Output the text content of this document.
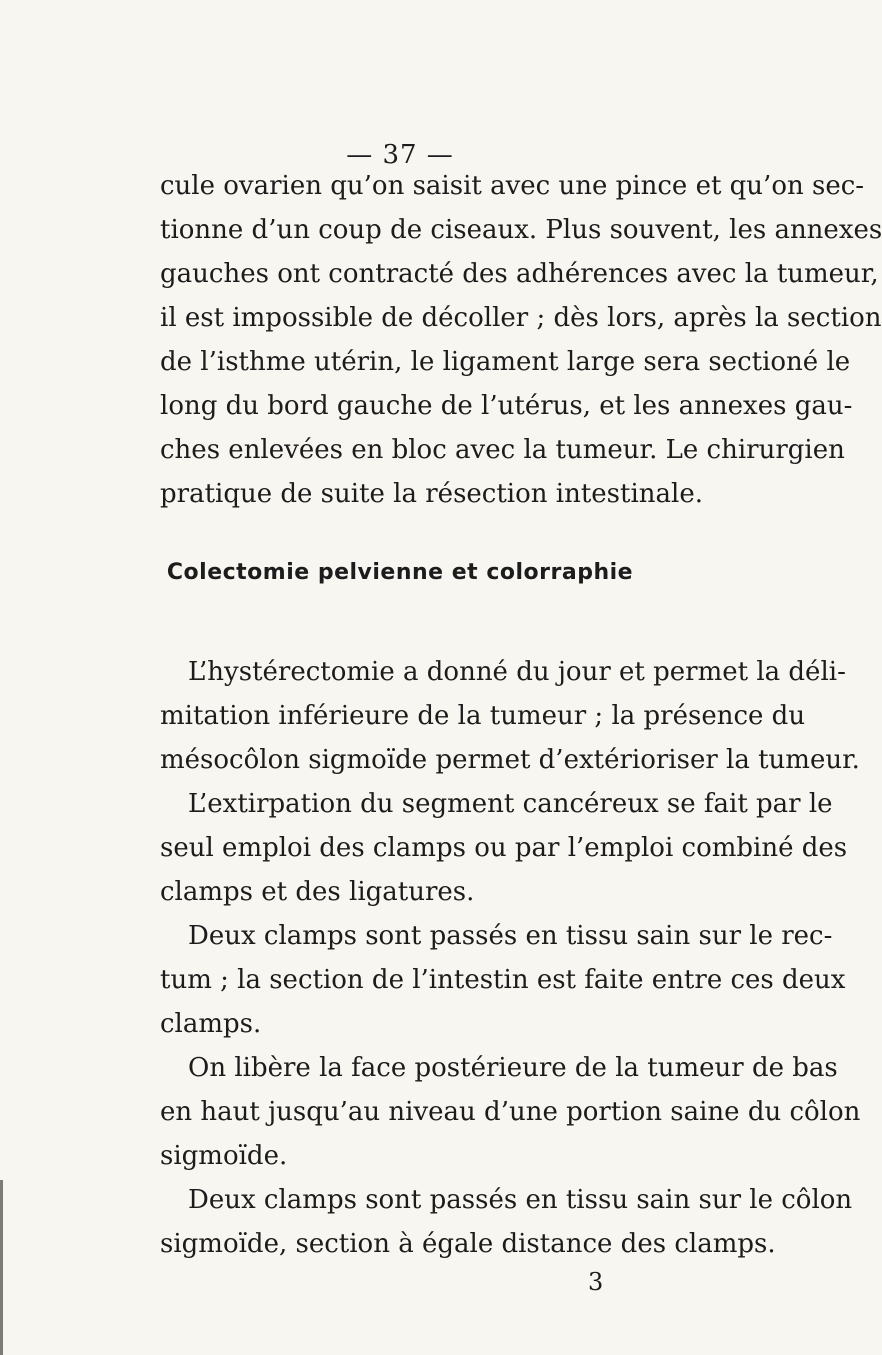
— 37 —
cule ovarien qu’on saisit avec une pince et qu’on sec-
tionne d’un coup de ciseaux. Plus souvent, les annexes
gauches ont contracté des adhérences avec la tumeur,
il est impossible de décoller ; dès lors, après la section
de l’isthme utérin, le ligament large sera sectioné le
long du bord gauche de l’utérus, et les annexes gau-
ches enlevées en bloc avec la tumeur. Le chirurgien
pratique de suite la résection intestinale.
Colectomie pelvienne et colorraphie
L’hystérectomie a donné du jour et permet la déli-
mitation inférieure de la tumeur ; la présence du
mésocôlon sigmoïde permet d’extérioriser la tumeur.
L’extirpation du segment cancéreux se fait par le
seul emploi des clamps ou par l’emploi combiné des
clamps et des ligatures.
Deux clamps sont passés en tissu sain sur le rec-
tum ; la section de l’intestin est faite entre ces deux
clamps.
On libère la face postérieure de la tumeur de bas
en haut jusqu’au niveau d’une portion saine du côlon
sigmoïde.
Deux clamps sont passés en tissu sain sur le côlon
sigmoïde, section à égale distance des clamps.
3
